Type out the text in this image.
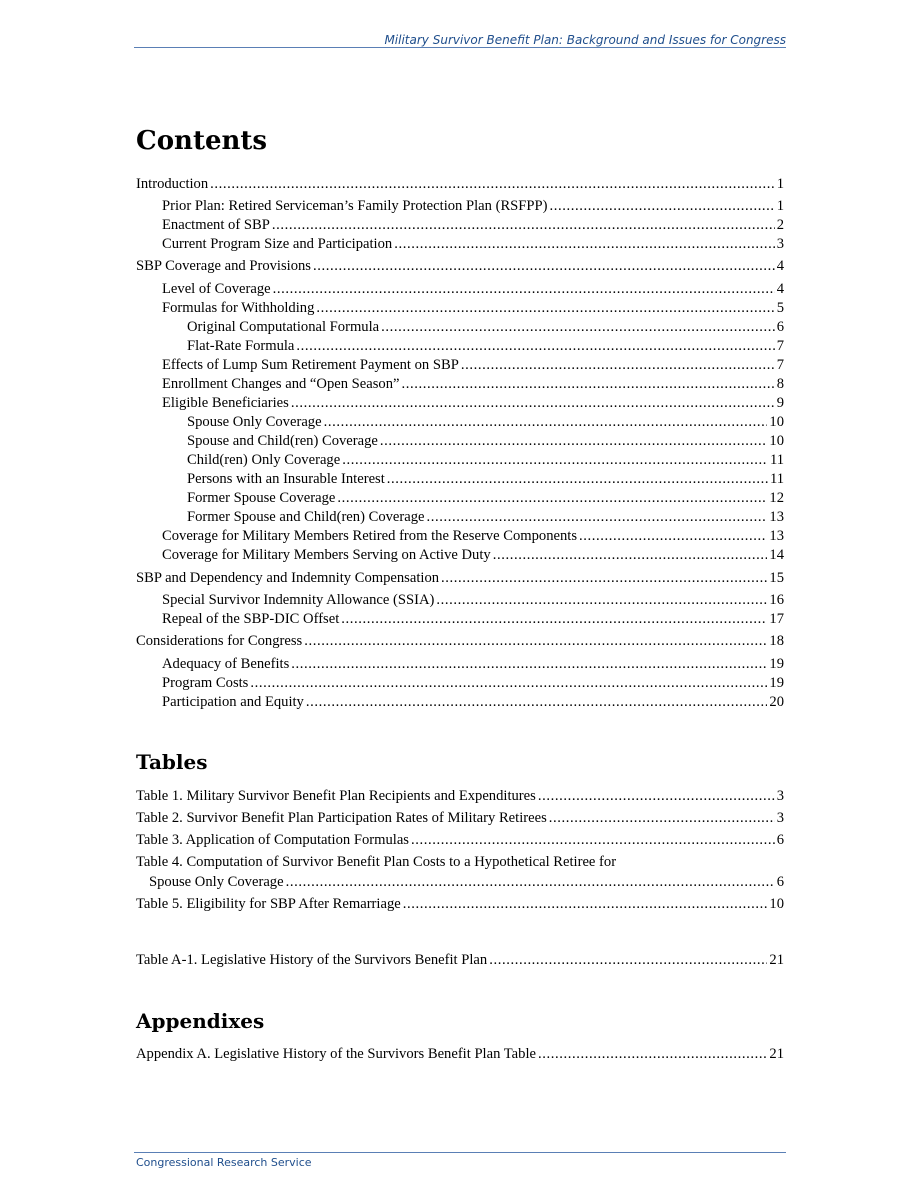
Military Survivor Benefit Plan: Background and Issues for Congress
Contents
Introduction .....	1
Prior Plan: Retired Serviceman’s Family Protection Plan (RSFPP) .....	1
Enactment of SBP .....	2
Current Program Size and Participation .....	3
SBP Coverage and Provisions .....	4
Level of Coverage .....	4
Formulas for Withholding .....	5
Original Computational Formula .....	6
Flat-Rate Formula .....	7
Effects of Lump Sum Retirement Payment on SBP .....	7
Enrollment Changes and “Open Season” .....	8
Eligible Beneficiaries .....	9
Spouse Only Coverage .....	10
Spouse and Child(ren) Coverage .....	10
Child(ren) Only Coverage .....	11
Persons with an Insurable Interest .....	11
Former Spouse Coverage .....	12
Former Spouse and Child(ren) Coverage .....	13
Coverage for Military Members Retired from the Reserve Components .....	13
Coverage for Military Members Serving on Active Duty .....	14
SBP and Dependency and Indemnity Compensation .....	15
Special Survivor Indemnity Allowance (SSIA) .....	16
Repeal of the SBP-DIC Offset .....	17
Considerations for Congress .....	18
Adequacy of Benefits .....	19
Program Costs .....	19
Participation and Equity .....	20
Tables
Table 1. Military Survivor Benefit Plan Recipients and Expenditures .....	3
Table 2. Survivor Benefit Plan Participation Rates of Military Retirees .....	3
Table 3. Application of Computation Formulas .....	6
Table 4. Computation of Survivor Benefit Plan Costs to a Hypothetical Retiree for
Spouse Only Coverage .....	6
Table 5. Eligibility for SBP After Remarriage .....	10
Table A-1. Legislative History of the Survivors Benefit Plan .....	21
Appendixes
Appendix A. Legislative History of the Survivors Benefit Plan Table .....	21
Congressional Research Service
